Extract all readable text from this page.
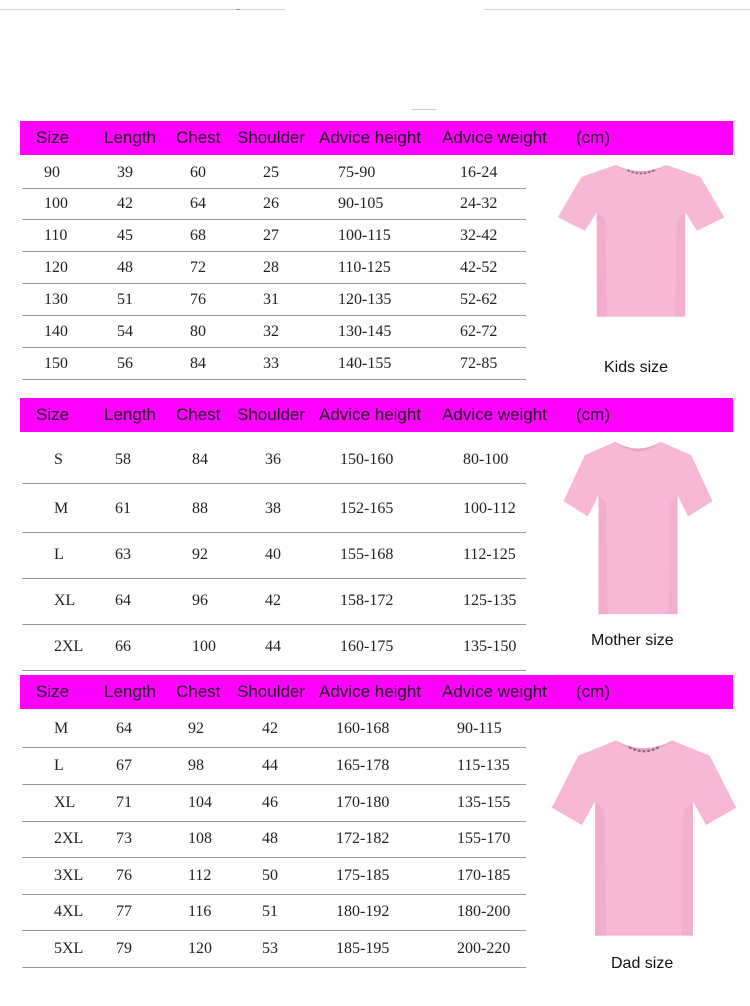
Size Length Chest Shoulder Advice height Advice weight (cm)
90	39	60	25	75-90	16-24
100	42	64	26	90-105	24-32
110	45	68	27	100-115	32-42
120	48	72	28	110-125	42-52
130	51	76	31	120-135	52-62
140	54	80	32	130-145	62-72
150	56	84	33	140-155	72-85	Kids size
Size Length Chest Shoulder Advice height Advice weight (cm)
S	58	84	36	150-160	80-100
M	61	88	38	152-165	100-112
L	63	92	40	155-168	112-125
XL 64	96	42	158-172	125-135
2XL 66	100	44	160-175	135-150	Mother size
Size Length Chest Shoulder Advice height Advice weight (cm)
M	64	92	42	160-168	90-115
L	67	98	44	165-178	115-135
XL	71	104	46	170-180	135-155
2XL 73	108	48	172-182	155-170
3XL 76	112	50	175-185	170-185
4XL 77	116	51	180-192	180-200
5XL 79	120	53	185-195	200-220
Dad size
